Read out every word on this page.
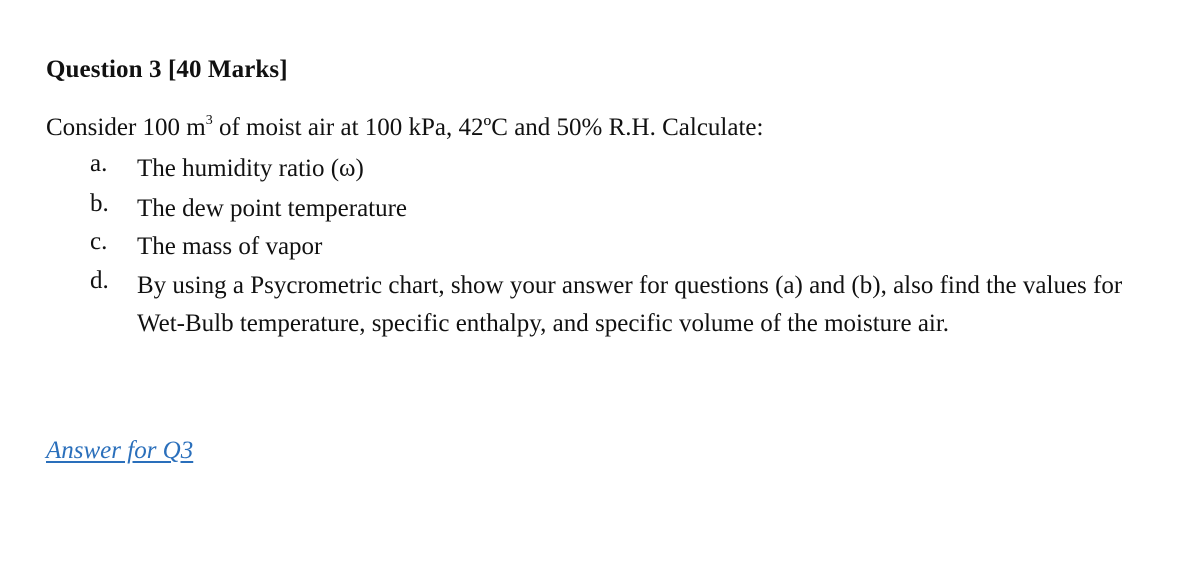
Question 3 [40 Marks]
Consider 100 $m^3$ of moist air at 100 kPa, 42ºC and 50% R.H. Calculate:
a.	The humidity ratio (ω)
b.	The dew point temperature
c.	The mass of vapor
d.	By using a Psycrometric chart, show your answer for questions (a) and (b), also find the values for Wet-Bulb temperature, specific enthalpy, and specific volume of the moisture air.
Answer for Q3
